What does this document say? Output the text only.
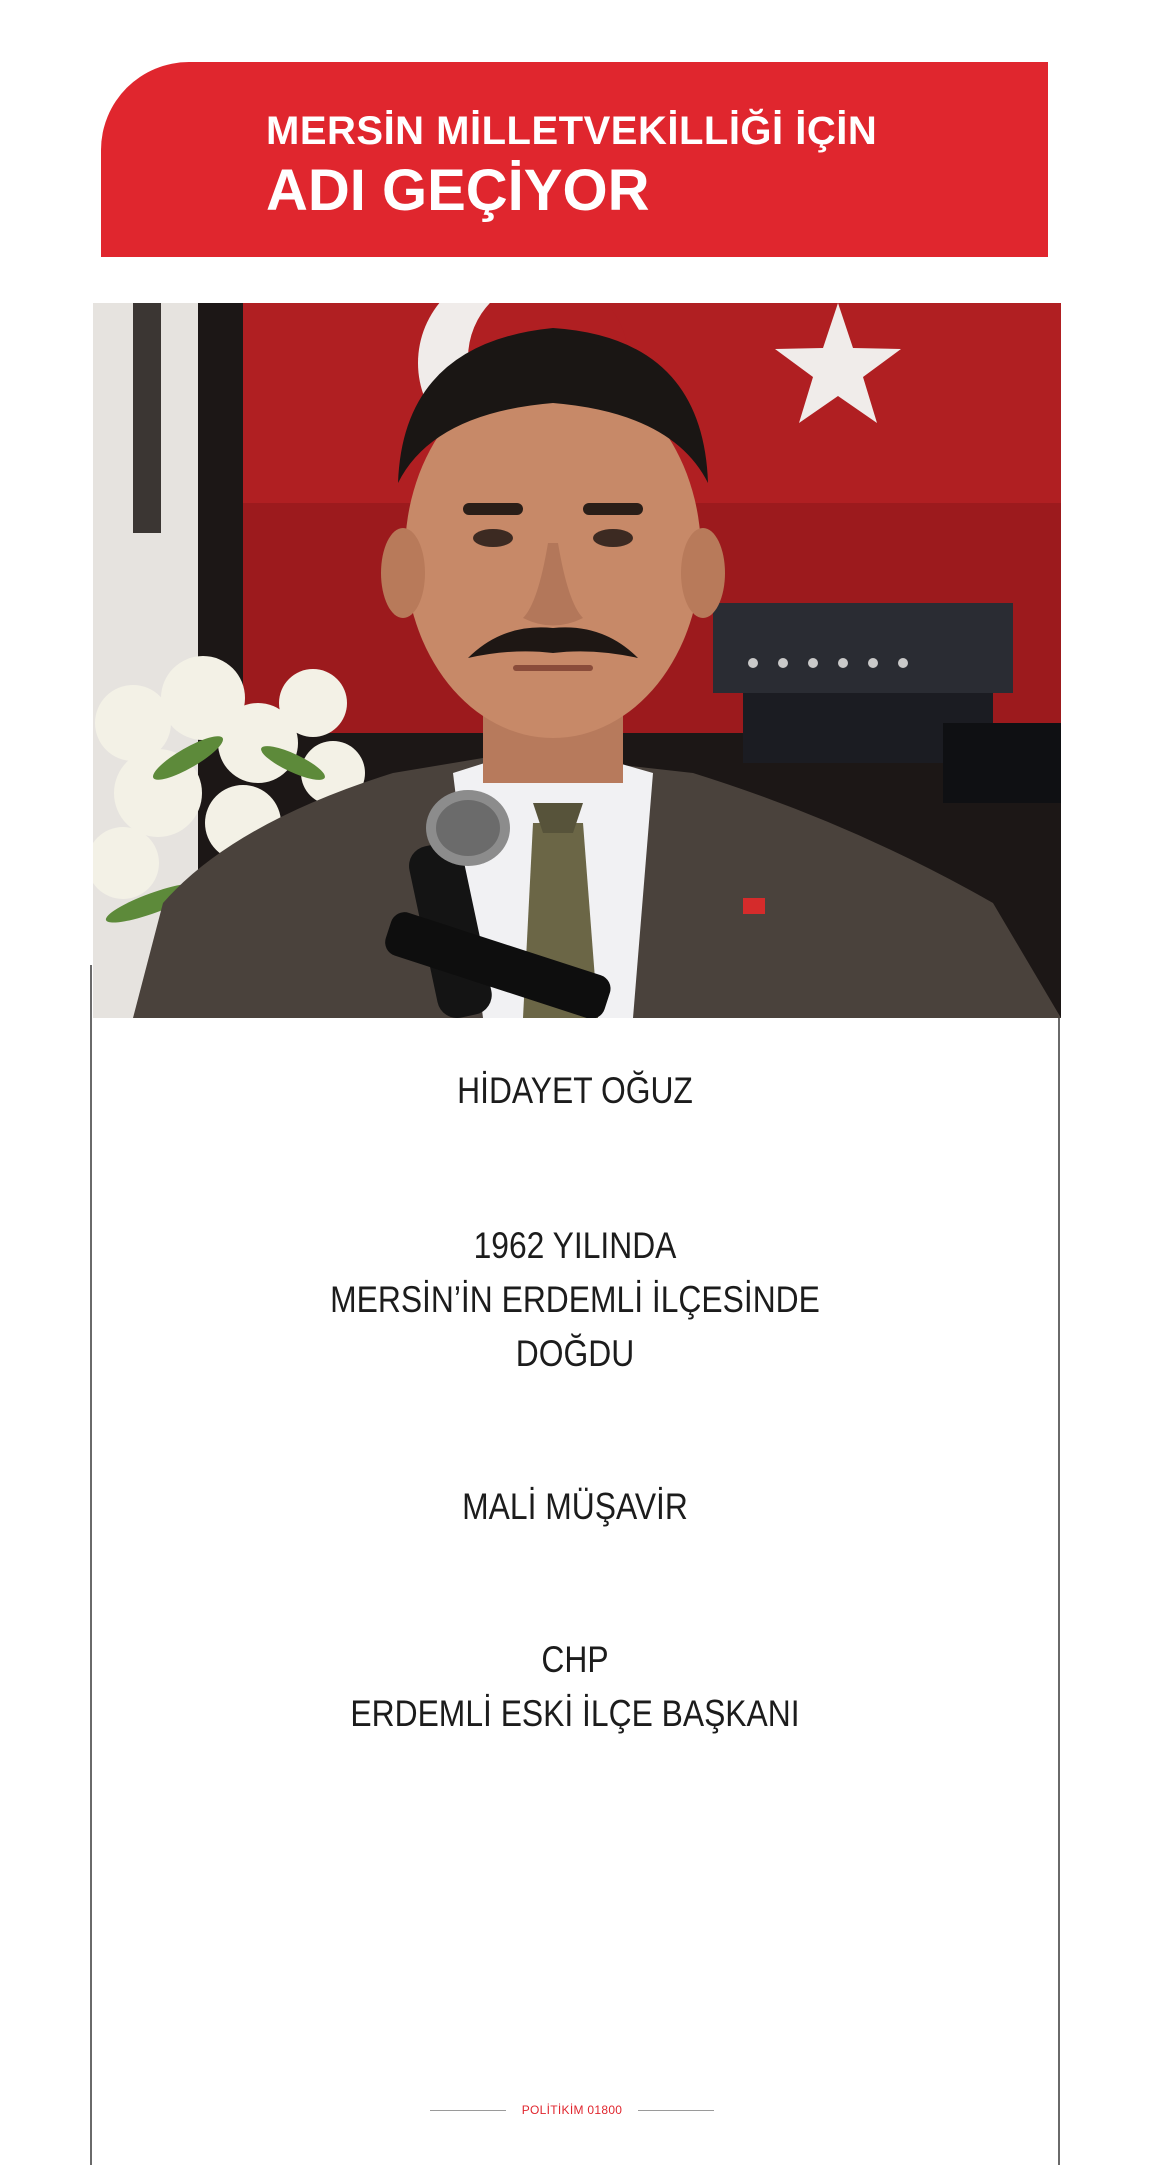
MERSİN MİLLETVEKİLLİĞİ İÇİN
ADI GEÇİYOR
HİDAYET OĞUZ
1962 YILINDA
MERSİN’İN ERDEMLİ İLÇESİNDE
DOĞDU
MALİ MÜŞAVİR
CHP
ERDEMLİ ESKİ İLÇE BAŞKANI
POLİTİKİM 01800
